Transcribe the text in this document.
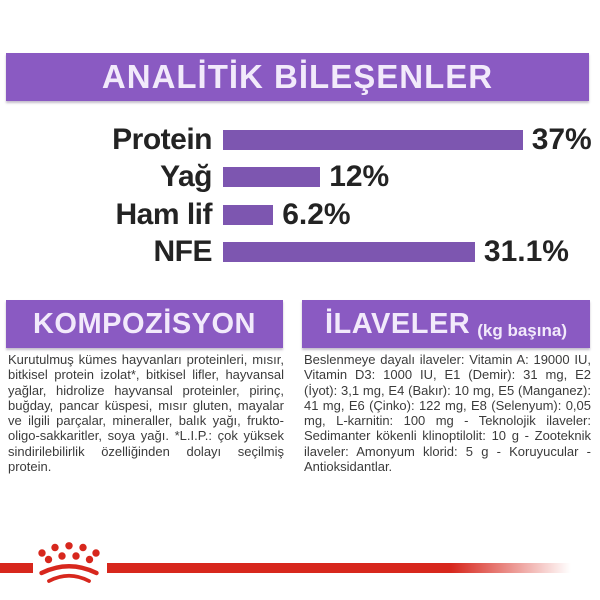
ANALİTİK BİLEŞENLER
Protein	37%
Yağ	12%
Ham lif 6.2%
NFE	31.1%
KOMPOZİSYON İLAVELER (kg başına)
Kurutulmuş kümes hayvanları proteinleri, mısır, bitkisel protein izolat*, bitkisel lifler, hayvansal yağlar, hidrolize hayvansal proteinler, pirinç, buğday, pancar küspesi, mısır gluten, mayalar ve ilgili parçalar, mineraller, balık yağı, frukto-oligo-sakkaritler, soya yağı. *L.I.P.: çok yüksek sindirilebilirlik özelliğinden dolayı seçilmiş protein.
Beslenmeye dayalı ilaveler: Vitamin A: 19000 IU, Vitamin D3: 1000 IU, E1 (Demir): 31 mg, E2 (İyot): 3,1 mg, E4 (Bakır): 10 mg, E5 (Manganez): 41 mg, E6 (Çinko): 122 mg, E8 (Selenyum): 0,05 mg, L-karnitin: 100 mg - Teknolojik ilaveler: Sedimanter kökenli klinoptilolit: 10 g - Zooteknik ilaveler: Amonyum klorid: 5 g - Koruyucular - Antioksidantlar.
